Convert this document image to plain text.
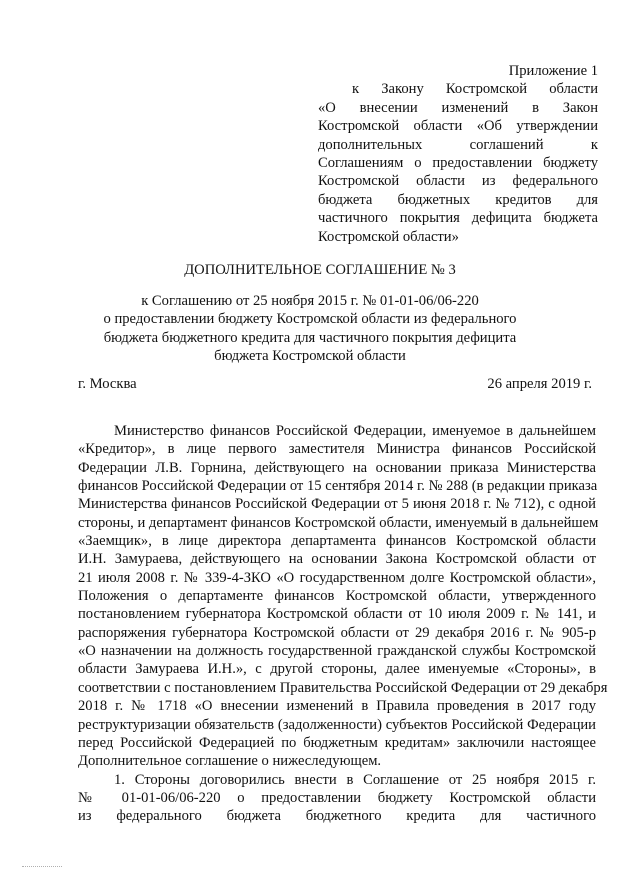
Приложение 1
к Закону Костромской области
«О внесении изменений в Закон
Костромской области «Об утверждении
дополнительных соглашений к
Соглашениям о предоставлении бюджету
Костромской области из федерального
бюджета бюджетных кредитов для
частичного покрытия дефицита бюджета
Костромской области»
ДОПОЛНИТЕЛЬНОЕ СОГЛАШЕНИЕ № 3
к Соглашению от 25 ноября 2015 г. № 01-01-06/06-220
о предоставлении бюджету Костромской области из федерального
бюджета бюджетного кредита для частичного покрытия дефицита
бюджета Костромской области
г. Москва	26 апреля 2019 г.
Министерство финансов Российской Федерации, именуемое в дальнейшем
«Кредитор», в лице первого заместителя Министра финансов Российской
Федерации Л.В. Горнина, действующего на основании приказа Министерства
финансов Российской Федерации от 15 сентября 2014 г. № 288 (в редакции приказа
Министерства финансов Российской Федерации от 5 июня 2018 г. № 712), с одной
стороны, и департамент финансов Костромской области, именуемый в дальнейшем
«Заемщик», в лице директора департамента финансов Костромской области
И.Н. Замураева, действующего на основании Закона Костромской области от
21 июля 2008 г. № 339-4-ЗКО «О государственном долге Костромской области»,
Положения о департаменте финансов Костромской области, утвержденного
постановлением губернатора Костромской области от 10 июля 2009 г. № 141, и
распоряжения губернатора Костромской области от 29 декабря 2016 г. № 905-р
«О назначении на должность государственной гражданской службы Костромской
области Замураева И.Н.», с другой стороны, далее именуемые «Стороны», в
соответствии с постановлением Правительства Российской Федерации от 29 декабря
2018 г. № 1718 «О внесении изменений в Правила проведения в 2017 году
реструктуризации обязательств (задолженности) субъектов Российской Федерации
перед Российской Федерацией по бюджетным кредитам» заключили настоящее
Дополнительное соглашение о нижеследующем.
1. Стороны договорились внести в Соглашение от 25 ноября 2015 г.
№ 01-01-06/06-220 о предоставлении бюджету Костромской области
из федерального бюджета бюджетного кредита для частичного
